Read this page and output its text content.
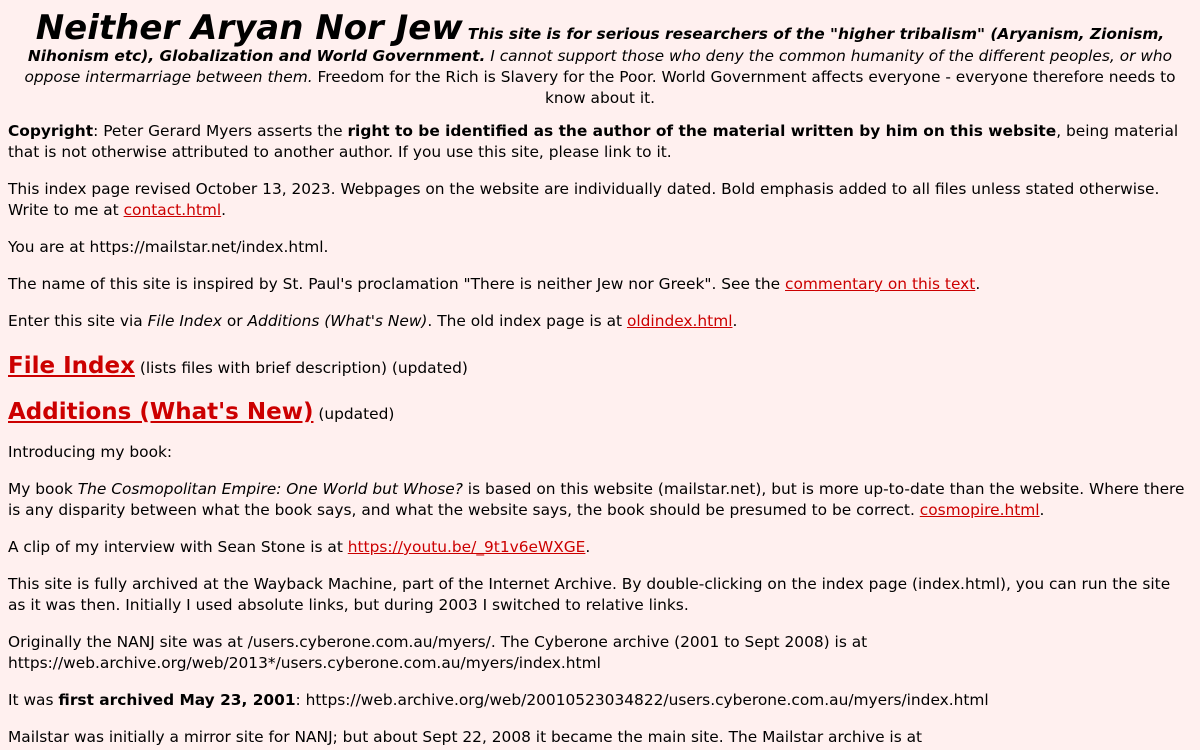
Neither Aryan Nor Jew This site is for serious researchers of the "higher tribalism" (Aryanism, Zionism, Nihonism etc), Globalization and World Government. I cannot support those who deny the common humanity of the different peoples, or who oppose intermarriage between them. Freedom for the Rich is Slavery for the Poor. World Government affects everyone - everyone therefore needs to know about it.

Copyright: Peter Gerard Myers asserts the right to be identified as the author of the material written by him on this website, being material that is not otherwise attributed to another author. If you use this site, please link to it.

This index page revised October 13, 2023. Webpages on the website are individually dated. Bold emphasis added to all files unless stated otherwise. Write to me at contact.html.

You are at https://mailstar.net/index.html.

The name of this site is inspired by St. Paul's proclamation "There is neither Jew nor Greek". See the commentary on this text.

Enter this site via File Index or Additions (What's New). The old index page is at oldindex.html.

File Index (lists files with brief description) (updated)
Additions (What's New) (updated)

Introducing my book:

My book The Cosmopolitan Empire: One World but Whose? is based on this website (mailstar.net), but is more up-to-date than the website. Where there is any disparity between what the book says, and what the website says, the book should be presumed to be correct. cosmopire.html.

A clip of my interview with Sean Stone is at https://youtu.be/_9t1v6eWXGE.

This site is fully archived at the Wayback Machine, part of the Internet Archive. By double-clicking on the index page (index.html), you can run the site as it was then. Initially I used absolute links, but during 2003 I switched to relative links.

Originally the NANJ site was at /users.cyberone.com.au/myers/. The Cyberone archive (2001 to Sept 2008) is at https://web.archive.org/web/2013*/users.cyberone.com.au/myers/index.html

It was first archived May 23, 2001: https://web.archive.org/web/20010523034822/users.cyberone.com.au/myers/index.html

Mailstar was initially a mirror site for NANJ; but about Sept 22, 2008 it became the main site. The Mailstar archive is at
